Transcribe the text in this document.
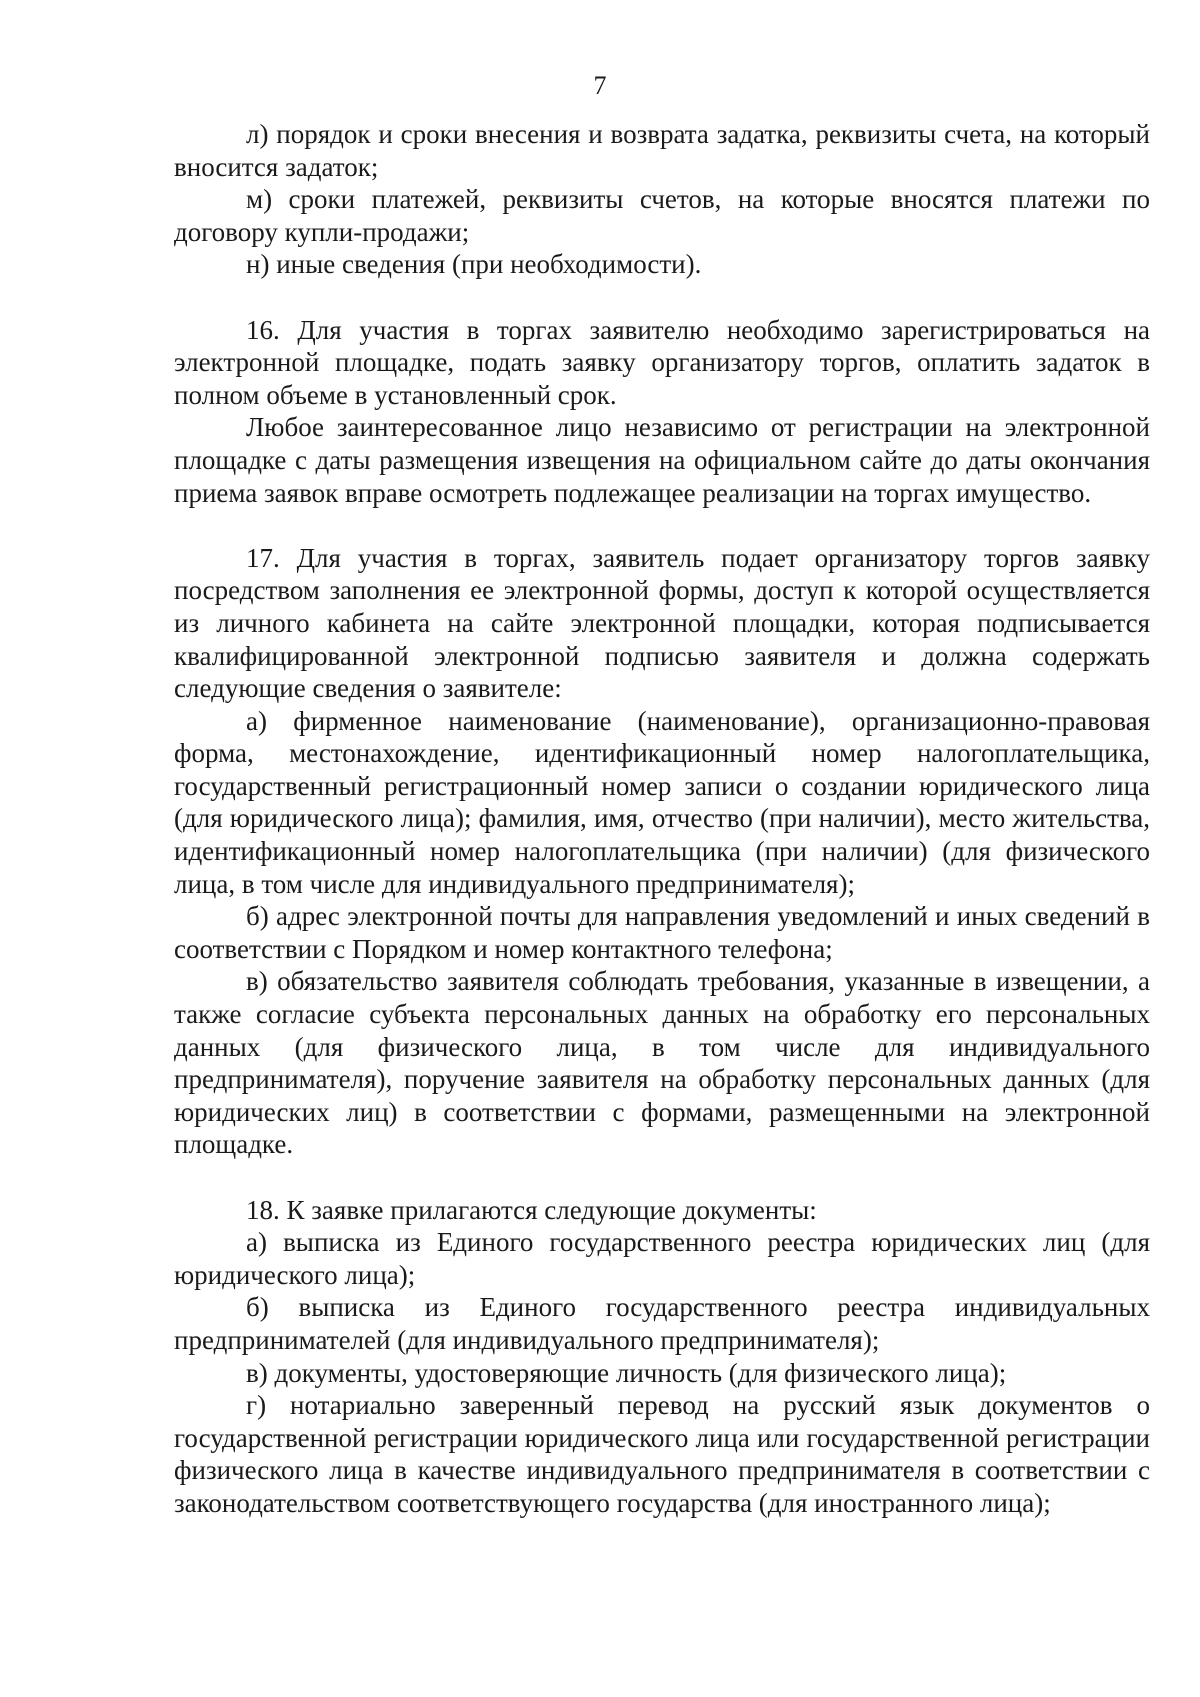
7

л) порядок и сроки внесения и возврата задатка, реквизиты счета, на который вносится задаток;

м) сроки платежей, реквизиты счетов, на которые вносятся платежи по договору купли-продажи;

н) иные сведения (при необходимости).

16. Для участия в торгах заявителю необходимо зарегистрироваться на электронной площадке, подать заявку организатору торгов, оплатить задаток в полном объеме в установленный срок.

Любое заинтересованное лицо независимо от регистрации на электронной площадке с даты размещения извещения на официальном сайте до даты окончания приема заявок вправе осмотреть подлежащее реализации на торгах имущество.

17. Для участия в торгах, заявитель подает организатору торгов заявку посредством заполнения ее электронной формы, доступ к которой осуществляется из личного кабинета на сайте электронной площадки, которая подписывается квалифицированной электронной подписью заявителя и должна содержать следующие сведения о заявителе:

а) фирменное наименование (наименование), организационно-правовая форма, местонахождение, идентификационный номер налогоплательщика, государственный регистрационный номер записи о создании юридического лица (для юридического лица); фамилия, имя, отчество (при наличии), место жительства, идентификационный номер налогоплательщика (при наличии) (для физического лица, в том числе для индивидуального предпринимателя);

б) адрес электронной почты для направления уведомлений и иных сведений в соответствии с Порядком и номер контактного телефона;

в) обязательство заявителя соблюдать требования, указанные в извещении, а также согласие субъекта персональных данных на обработку его персональных данных (для физического лица, в том числе для индивидуального предпринимателя), поручение заявителя на обработку персональных данных (для юридических лиц) в соответствии с формами, размещенными на электронной площадке.

18. К заявке прилагаются следующие документы:

а) выписка из Единого государственного реестра юридических лиц (для юридического лица);

б) выписка из Единого государственного реестра индивидуальных предпринимателей (для индивидуального предпринимателя);

в) документы, удостоверяющие личность (для физического лица);

г) нотариально заверенный перевод на русский язык документов о государственной регистрации юридического лица или государственной регистрации физического лица в качестве индивидуального предпринимателя в соответствии с законодательством соответствующего государства (для иностранного лица);
